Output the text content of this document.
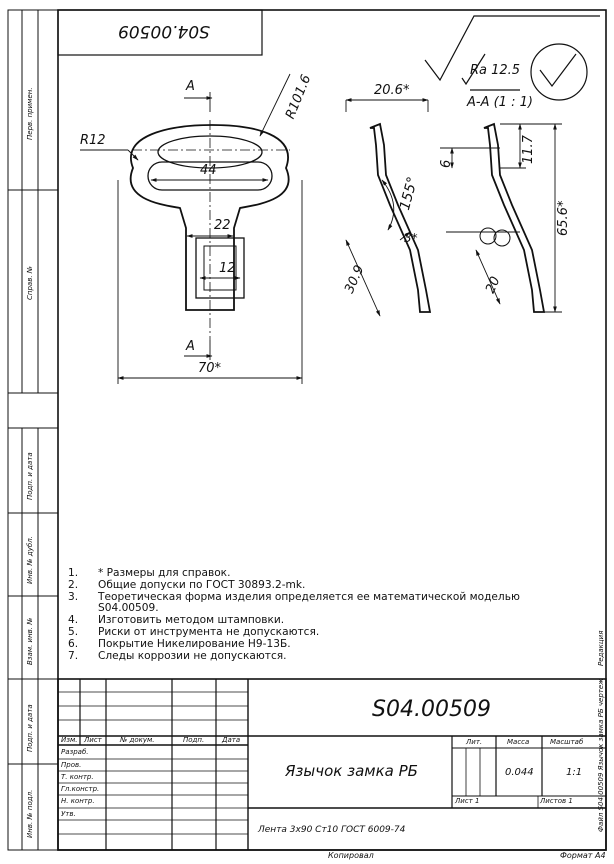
S04.00509
Ra 12.5
А-А (1 : 1)
R101.6
R12
44
22
12
70*
А
А
20.6*
11.7
6
155°
3*
30.9
65.6*
20
1.	* Размеры для справок.
2.	Общие допуски по ГОСТ 30893.2-mk.
3.	Теоретическая форма изделия определяется ее математической моделью S04.00509.
4.	Изготовить методом штамповки.
5.	Риски от инструмента не допускаются.
6.	Покрытие Никелирование Н9-13Б.
7.	Следы коррозии не допускаются.
S04.00509
Язычок замка РБ
Лента 3х90 Ст10 ГОСТ 6009-74
Изм. Лист	№ докум.	Подп.	Дата
Разраб.
Пров.
Т. контр.
Гл.констр.
Н. контр.
Утв.
Лит.	Масса	Масштаб
0.044	1:1
Лист 1	Листов 1
Копировал	Формат А4
Файл S04.00509 Язычок замка РБ чертеж
Редакция
Перв. примен.
Справ. №
Подп. и дата
Инв. № дубл.
Взам. инв. №
Подп. и дата
Инв. № подл.
